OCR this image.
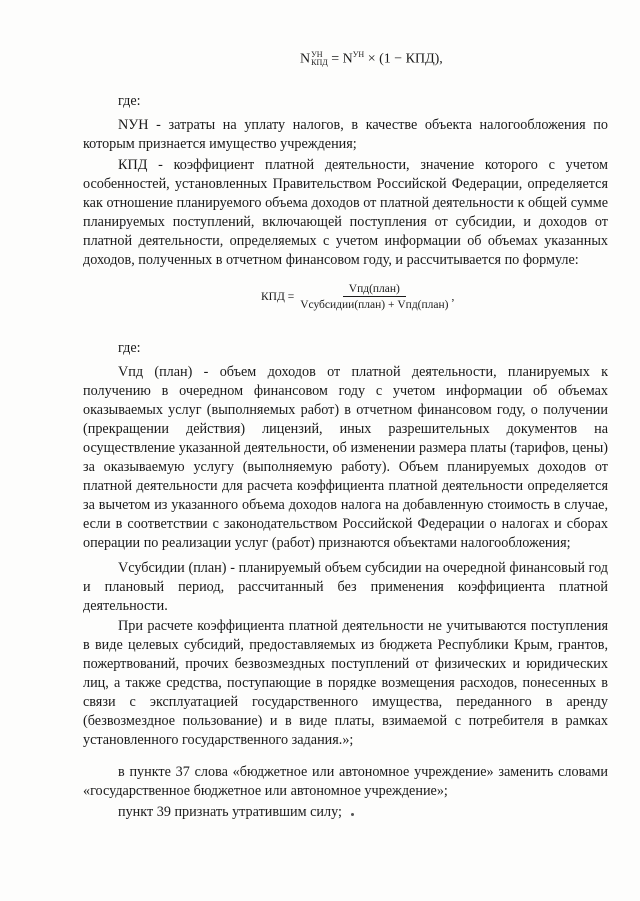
N УН
КПД = $N^{УН} \times (1 - КПД)$,
где:

NУН - затраты на уплату налогов, в качестве объекта налогообложения по которым признается имущество учреждения;

КПД - коэффициент платной деятельности, значение которого с учетом особенностей, установленных Правительством Российской Федерации, определяется как отношение планируемого объема доходов от платной деятельности к общей сумме планируемых поступлений, включающей поступления от субсидии, и доходов от платной деятельности, определяемых с учетом информации об объемах указанных доходов, полученных в отчетном финансовом году, и рассчитывается по формуле:

КПД = $\frac{\text{Vпд(план)}}{\text{Vсубсидии(план) + Vпд(план)}}$ ,
где:

Vпд (план) - объем доходов от платной деятельности, планируемых к получению в очередном финансовом году с учетом информации об объемах оказываемых услуг (выполняемых работ) в отчетном финансовом году, о получении (прекращении действия) лицензий, иных разрешительных документов на осуществление указанной деятельности, об изменении размера платы (тарифов, цены) за оказываемую услугу (выполняемую работу). Объем планируемых доходов от платной деятельности для расчета коэффициента платной деятельности определяется за вычетом из указанного объема доходов налога на добавленную стоимость в случае, если в соответствии с законодательством Российской Федерации о налогах и сборах операции по реализации услуг (работ) признаются объектами налогообложения;

Vсубсидии (план) - планируемый объем субсидии на очередной финансовый год и плановый период, рассчитанный без применения коэффициента платной деятельности.

При расчете коэффициента платной деятельности не учитываются поступления в виде целевых субсидий, предоставляемых из бюджета Республики Крым, грантов, пожертвований, прочих безвозмездных поступлений от физических и юридических лиц, а также средства, поступающие в порядке возмещения расходов, понесенных в связи с эксплуатацией государственного имущества, переданного в аренду (безвозмездное пользование) и в виде платы, взимаемой с потребителя в рамках установленного государственного задания.»;

в пункте 37 слова «бюджетное или автономное учреждение» заменить словами «государственное бюджетное или автономное учреждение»;

пункт 39 признать утратившим силу;
